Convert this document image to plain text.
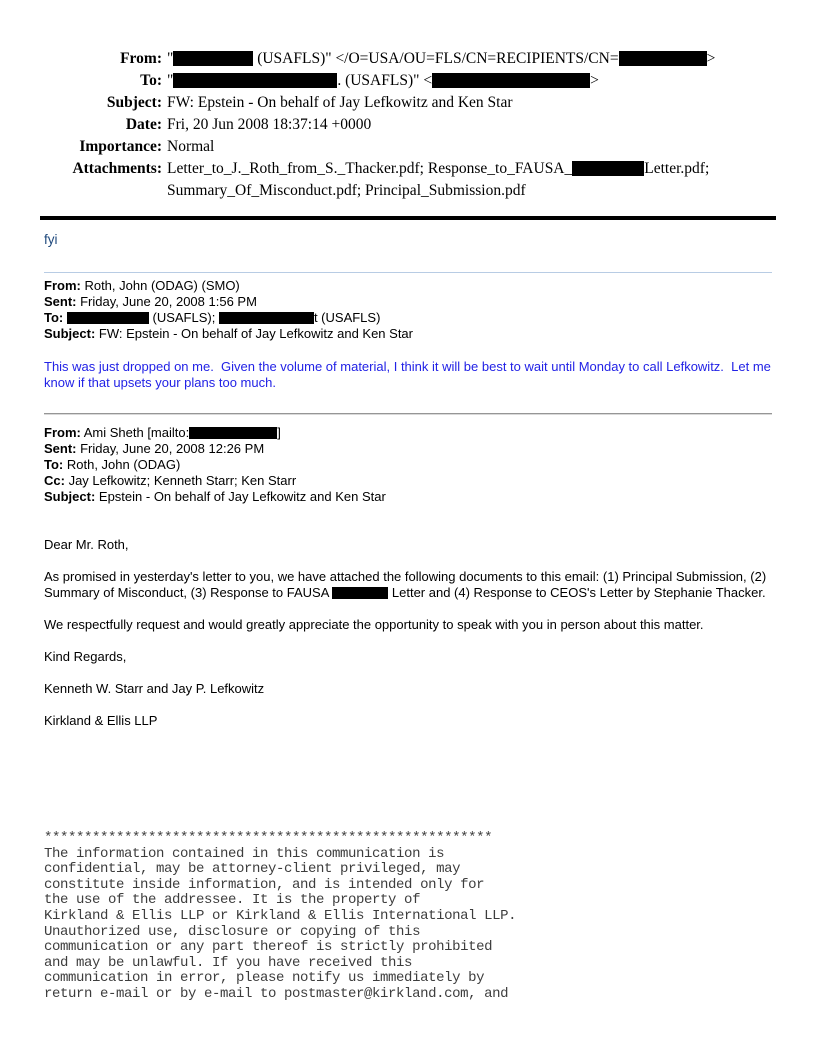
From: "	(USAFLS)" </O=USA/OU=FLS/CN=RECIPIENTS/CN=	>
To: "	. (USAFLS)" <	>
Subject: FW: Epstein - On behalf of Jay Lefkowitz and Ken Star
Date: Fri, 20 Jun 2008 18:37:14 +0000
Importance: Normal
Attachments: Letter_to_J._Roth_from_S._Thacker.pdf; Response_to_FAUSA_	Letter.pdf;
Summary_Of_Misconduct.pdf; Principal_Submission.pdf
fyi
From: Roth, John (ODAG) (SMO)
Sent: Friday, June 20, 2008 1:56 PM
To:	(USAFLS);	t (USAFLS)
Subject: FW: Epstein - On behalf of Jay Lefkowitz and Ken Star
This was just dropped on me.  Given the volume of material, I think it will be best to wait until Monday to call Lefkowitz.  Let me know if that upsets your plans too much.
From: Ami Sheth [mailto:	]
Sent: Friday, June 20, 2008 12:26 PM
To: Roth, John (ODAG)
Cc: Jay Lefkowitz; Kenneth Starr; Ken Starr
Subject: Epstein - On behalf of Jay Lefkowitz and Ken Star

Dear Mr. Roth,

As promised in yesterday's letter to you, we have attached the following documents to this email: (1) Principal Submission, (2) Summary of Misconduct, (3) Response to FAUSA	Letter and (4) Response to CEOS's Letter by Stephanie Thacker.

We respectfully request and would greatly appreciate the opportunity to speak with you in person about this matter.

Kind Regards,

Kenneth W. Starr and Jay P. Lefkowitz

Kirkland & Ellis LLP

********************************************************
The information contained in this communication is
confidential, may be attorney-client privileged, may
constitute inside information, and is intended only for
the use of the addressee. It is the property of
Kirkland & Ellis LLP or Kirkland & Ellis International LLP.
Unauthorized use, disclosure or copying of this
communication or any part thereof is strictly prohibited
and may be unlawful. If you have received this
communication in error, please notify us immediately by
return e-mail or by e-mail to postmaster@kirkland.com, and
